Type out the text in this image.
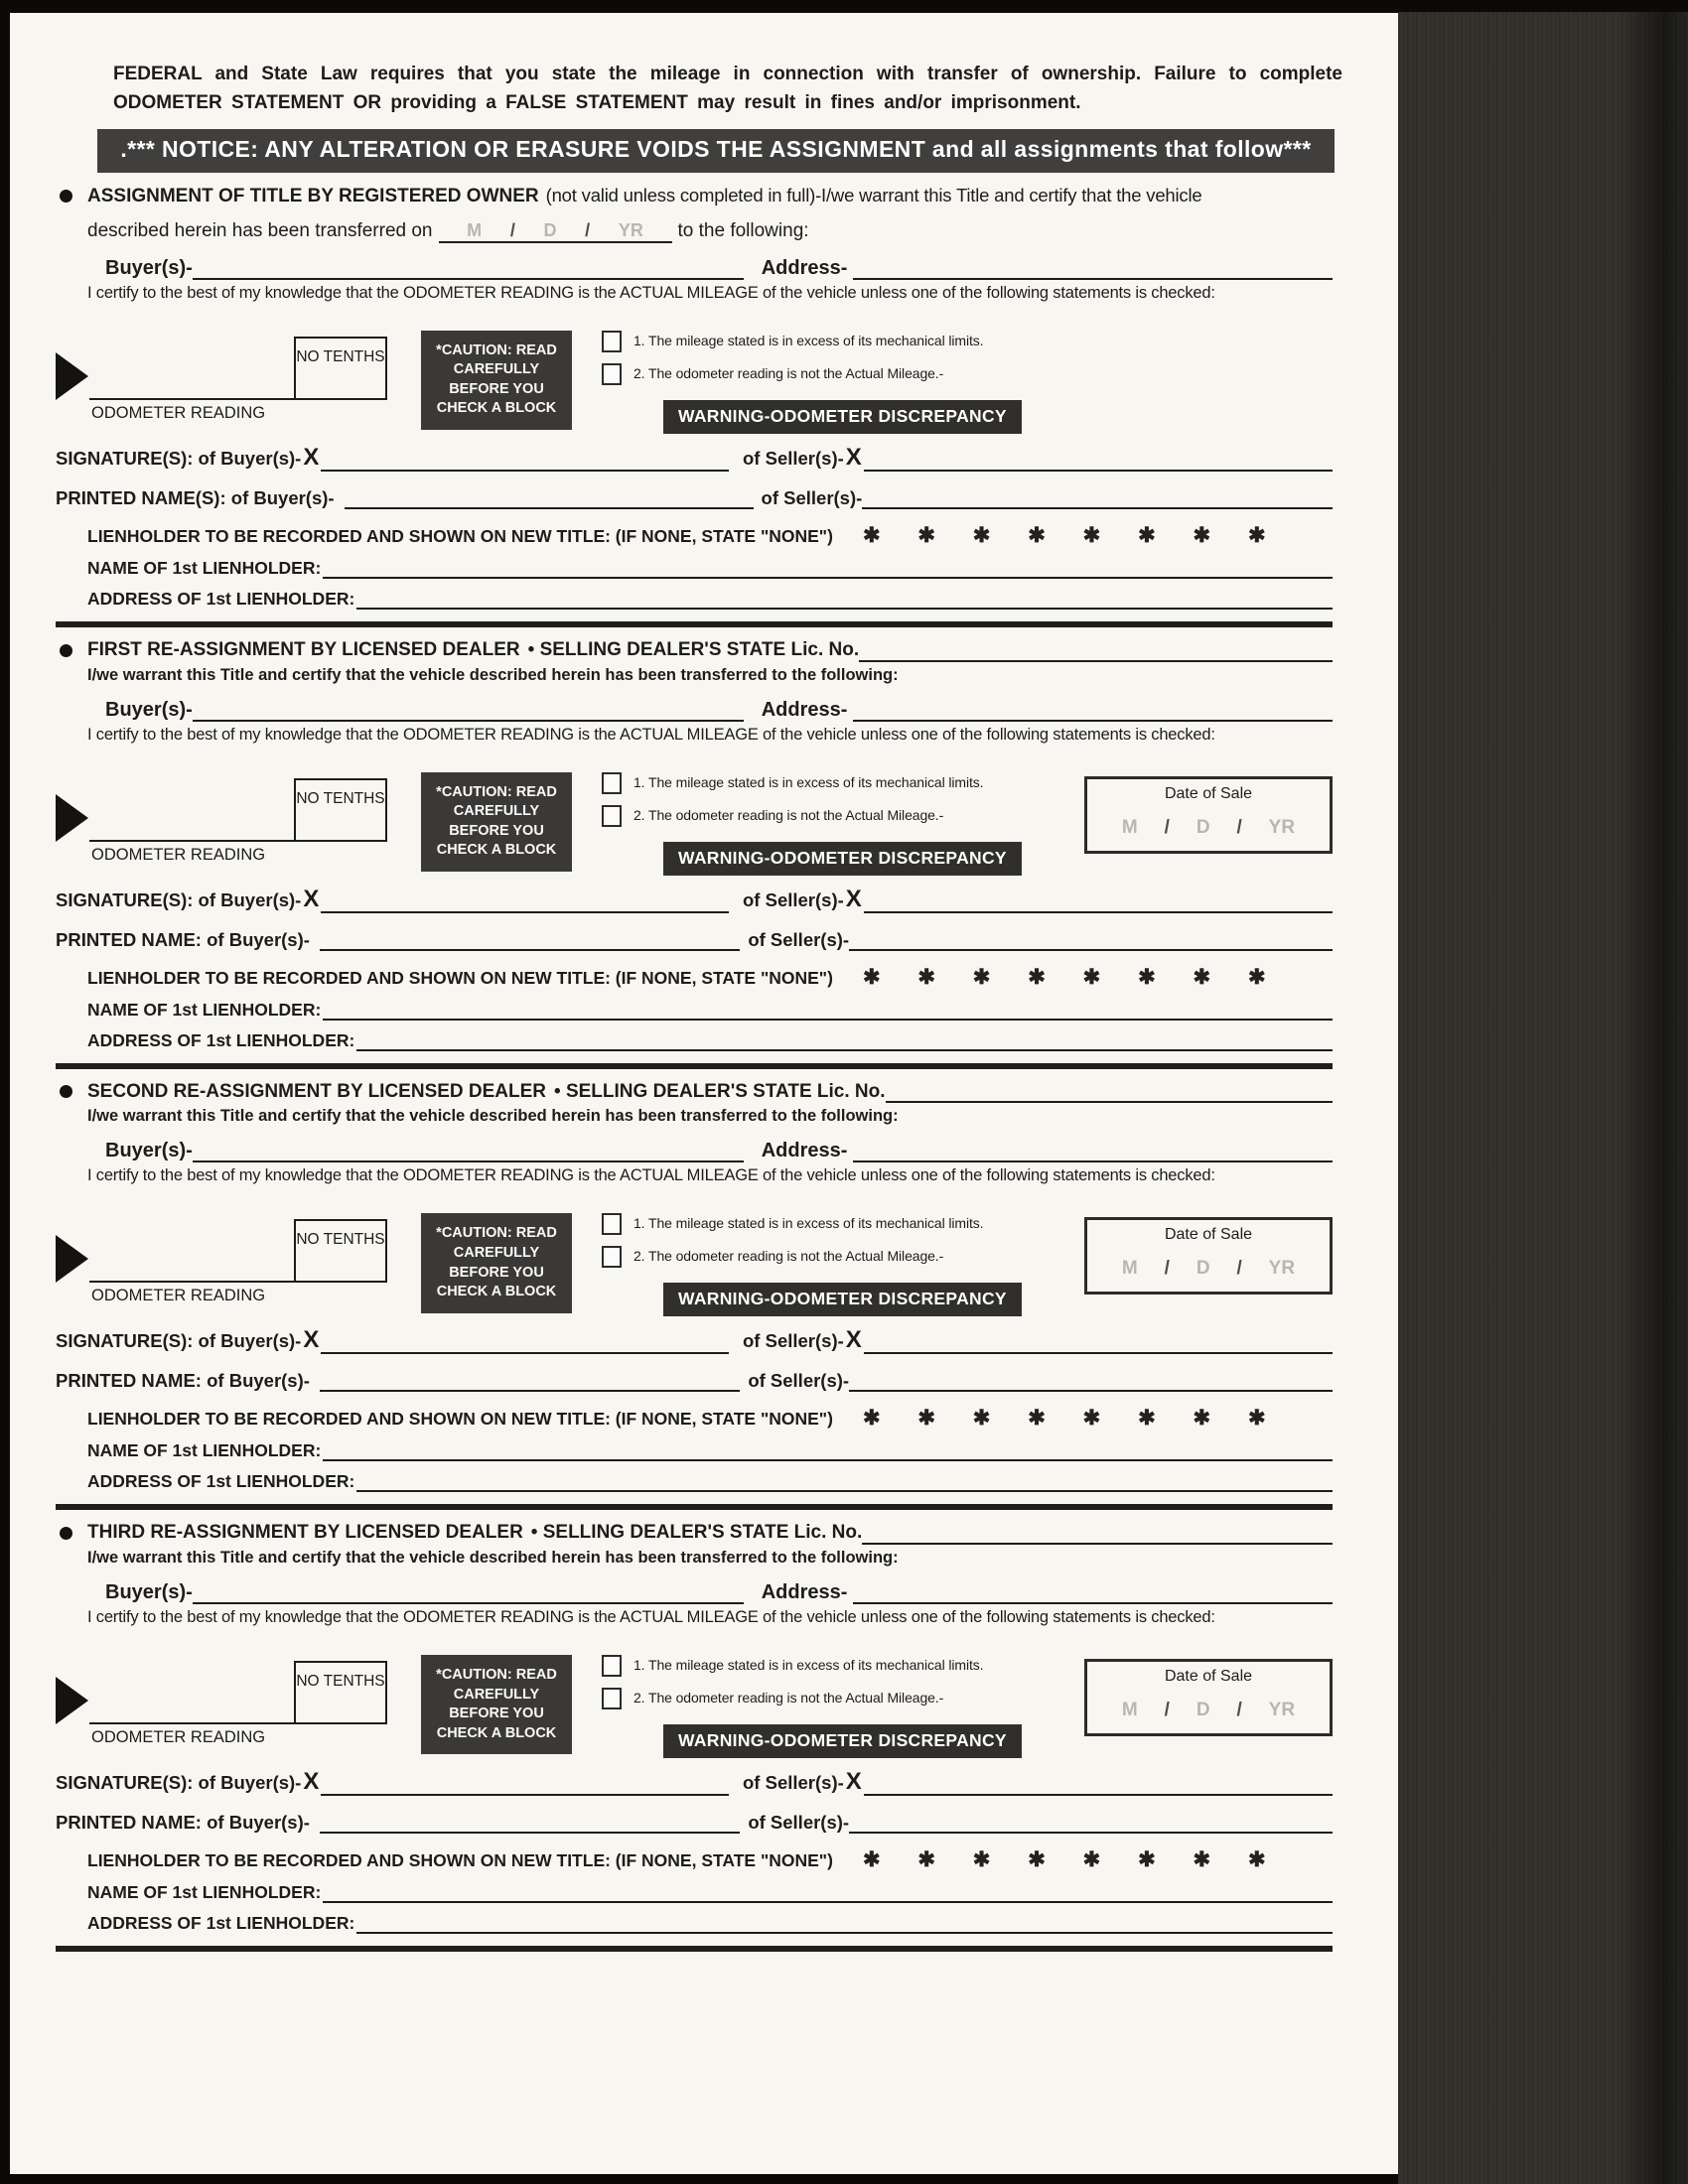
FEDERAL and State Law requires that you state the mileage in connection with transfer of ownership. Failure to complete ODOMETER STATEMENT OR providing a FALSE STATEMENT may result in fines and/or imprisonment.
.*** NOTICE: ANY ALTERATION OR ERASURE VOIDS THE ASSIGNMENT and all assignments that follow***
ASSIGNMENT OF TITLE BY REGISTERED OWNER (not valid unless completed in full)-I/we warrant this Title and certify that the vehicle
described herein has been transferred on M / D / YR to the following:
Buyer(s)-	Address-
I certify to the best of my knowledge that the ODOMETER READING is the ACTUAL MILEAGE of the vehicle unless one of the following statements is checked:
ODOMETER READING
NO TENTHS	*CAUTION: READ CAREFULLY BEFORE YOU CHECK A BLOCK
1. The mileage stated is in excess of its mechanical limits.
2. The odometer reading is not the Actual Mileage.-
WARNING-ODOMETER DISCREPANCY
SIGNATURE(S): of Buyer(s)- X	of Seller(s)- X
PRINTED NAME(S): of Buyer(s)-	of Seller(s)-
LIENHOLDER TO BE RECORDED AND SHOWN ON NEW TITLE: (IF NONE, STATE "NONE") ✱ ✱ ✱ ✱ ✱ ✱ ✱ ✱
NAME OF 1st LIENHOLDER:
ADDRESS OF 1st LIENHOLDER:
FIRST RE-ASSIGNMENT BY LICENSED DEALER • SELLING DEALER'S STATE Lic. No.
I/we warrant this Title and certify that the vehicle described herein has been transferred to the following:
Buyer(s)-	Address-
I certify to the best of my knowledge that the ODOMETER READING is the ACTUAL MILEAGE of the vehicle unless one of the following statements is checked:
ODOMETER READING
NO TENTHS	*CAUTION: READ CAREFULLY BEFORE YOU CHECK A BLOCK
1. The mileage stated is in excess of its mechanical limits.
2. The odometer reading is not the Actual Mileage.-
WARNING-ODOMETER DISCREPANCY
Date of Sale
M / D / YR
SIGNATURE(S): of Buyer(s)- X	of Seller(s)- X
PRINTED NAME: of Buyer(s)-	of Seller(s)-
LIENHOLDER TO BE RECORDED AND SHOWN ON NEW TITLE: (IF NONE, STATE "NONE") ✱ ✱ ✱ ✱ ✱ ✱ ✱ ✱
NAME OF 1st LIENHOLDER:
ADDRESS OF 1st LIENHOLDER:
SECOND RE-ASSIGNMENT BY LICENSED DEALER • SELLING DEALER'S STATE Lic. No.
I/we warrant this Title and certify that the vehicle described herein has been transferred to the following:
Buyer(s)-	Address-
I certify to the best of my knowledge that the ODOMETER READING is the ACTUAL MILEAGE of the vehicle unless one of the following statements is checked:
ODOMETER READING
NO TENTHS	*CAUTION: READ CAREFULLY BEFORE YOU CHECK A BLOCK
1. The mileage stated is in excess of its mechanical limits.
2. The odometer reading is not the Actual Mileage.-
WARNING-ODOMETER DISCREPANCY
Date of Sale
M / D / YR
SIGNATURE(S): of Buyer(s)- X	of Seller(s)- X
PRINTED NAME: of Buyer(s)-	of Seller(s)-
LIENHOLDER TO BE RECORDED AND SHOWN ON NEW TITLE: (IF NONE, STATE "NONE") ✱ ✱ ✱ ✱ ✱ ✱ ✱ ✱
NAME OF 1st LIENHOLDER:
ADDRESS OF 1st LIENHOLDER:
THIRD RE-ASSIGNMENT BY LICENSED DEALER • SELLING DEALER'S STATE Lic. No.
I/we warrant this Title and certify that the vehicle described herein has been transferred to the following:
Buyer(s)-	Address-
I certify to the best of my knowledge that the ODOMETER READING is the ACTUAL MILEAGE of the vehicle unless one of the following statements is checked:
ODOMETER READING
NO TENTHS	*CAUTION: READ CAREFULLY BEFORE YOU CHECK A BLOCK
1. The mileage stated is in excess of its mechanical limits.
2. The odometer reading is not the Actual Mileage.-
WARNING-ODOMETER DISCREPANCY
Date of Sale
M / D / YR
SIGNATURE(S): of Buyer(s)- X	of Seller(s)- X
PRINTED NAME: of Buyer(s)-	of Seller(s)-
LIENHOLDER TO BE RECORDED AND SHOWN ON NEW TITLE: (IF NONE, STATE "NONE") ✱ ✱ ✱ ✱ ✱ ✱ ✱ ✱
NAME OF 1st LIENHOLDER:
ADDRESS OF 1st LIENHOLDER:
